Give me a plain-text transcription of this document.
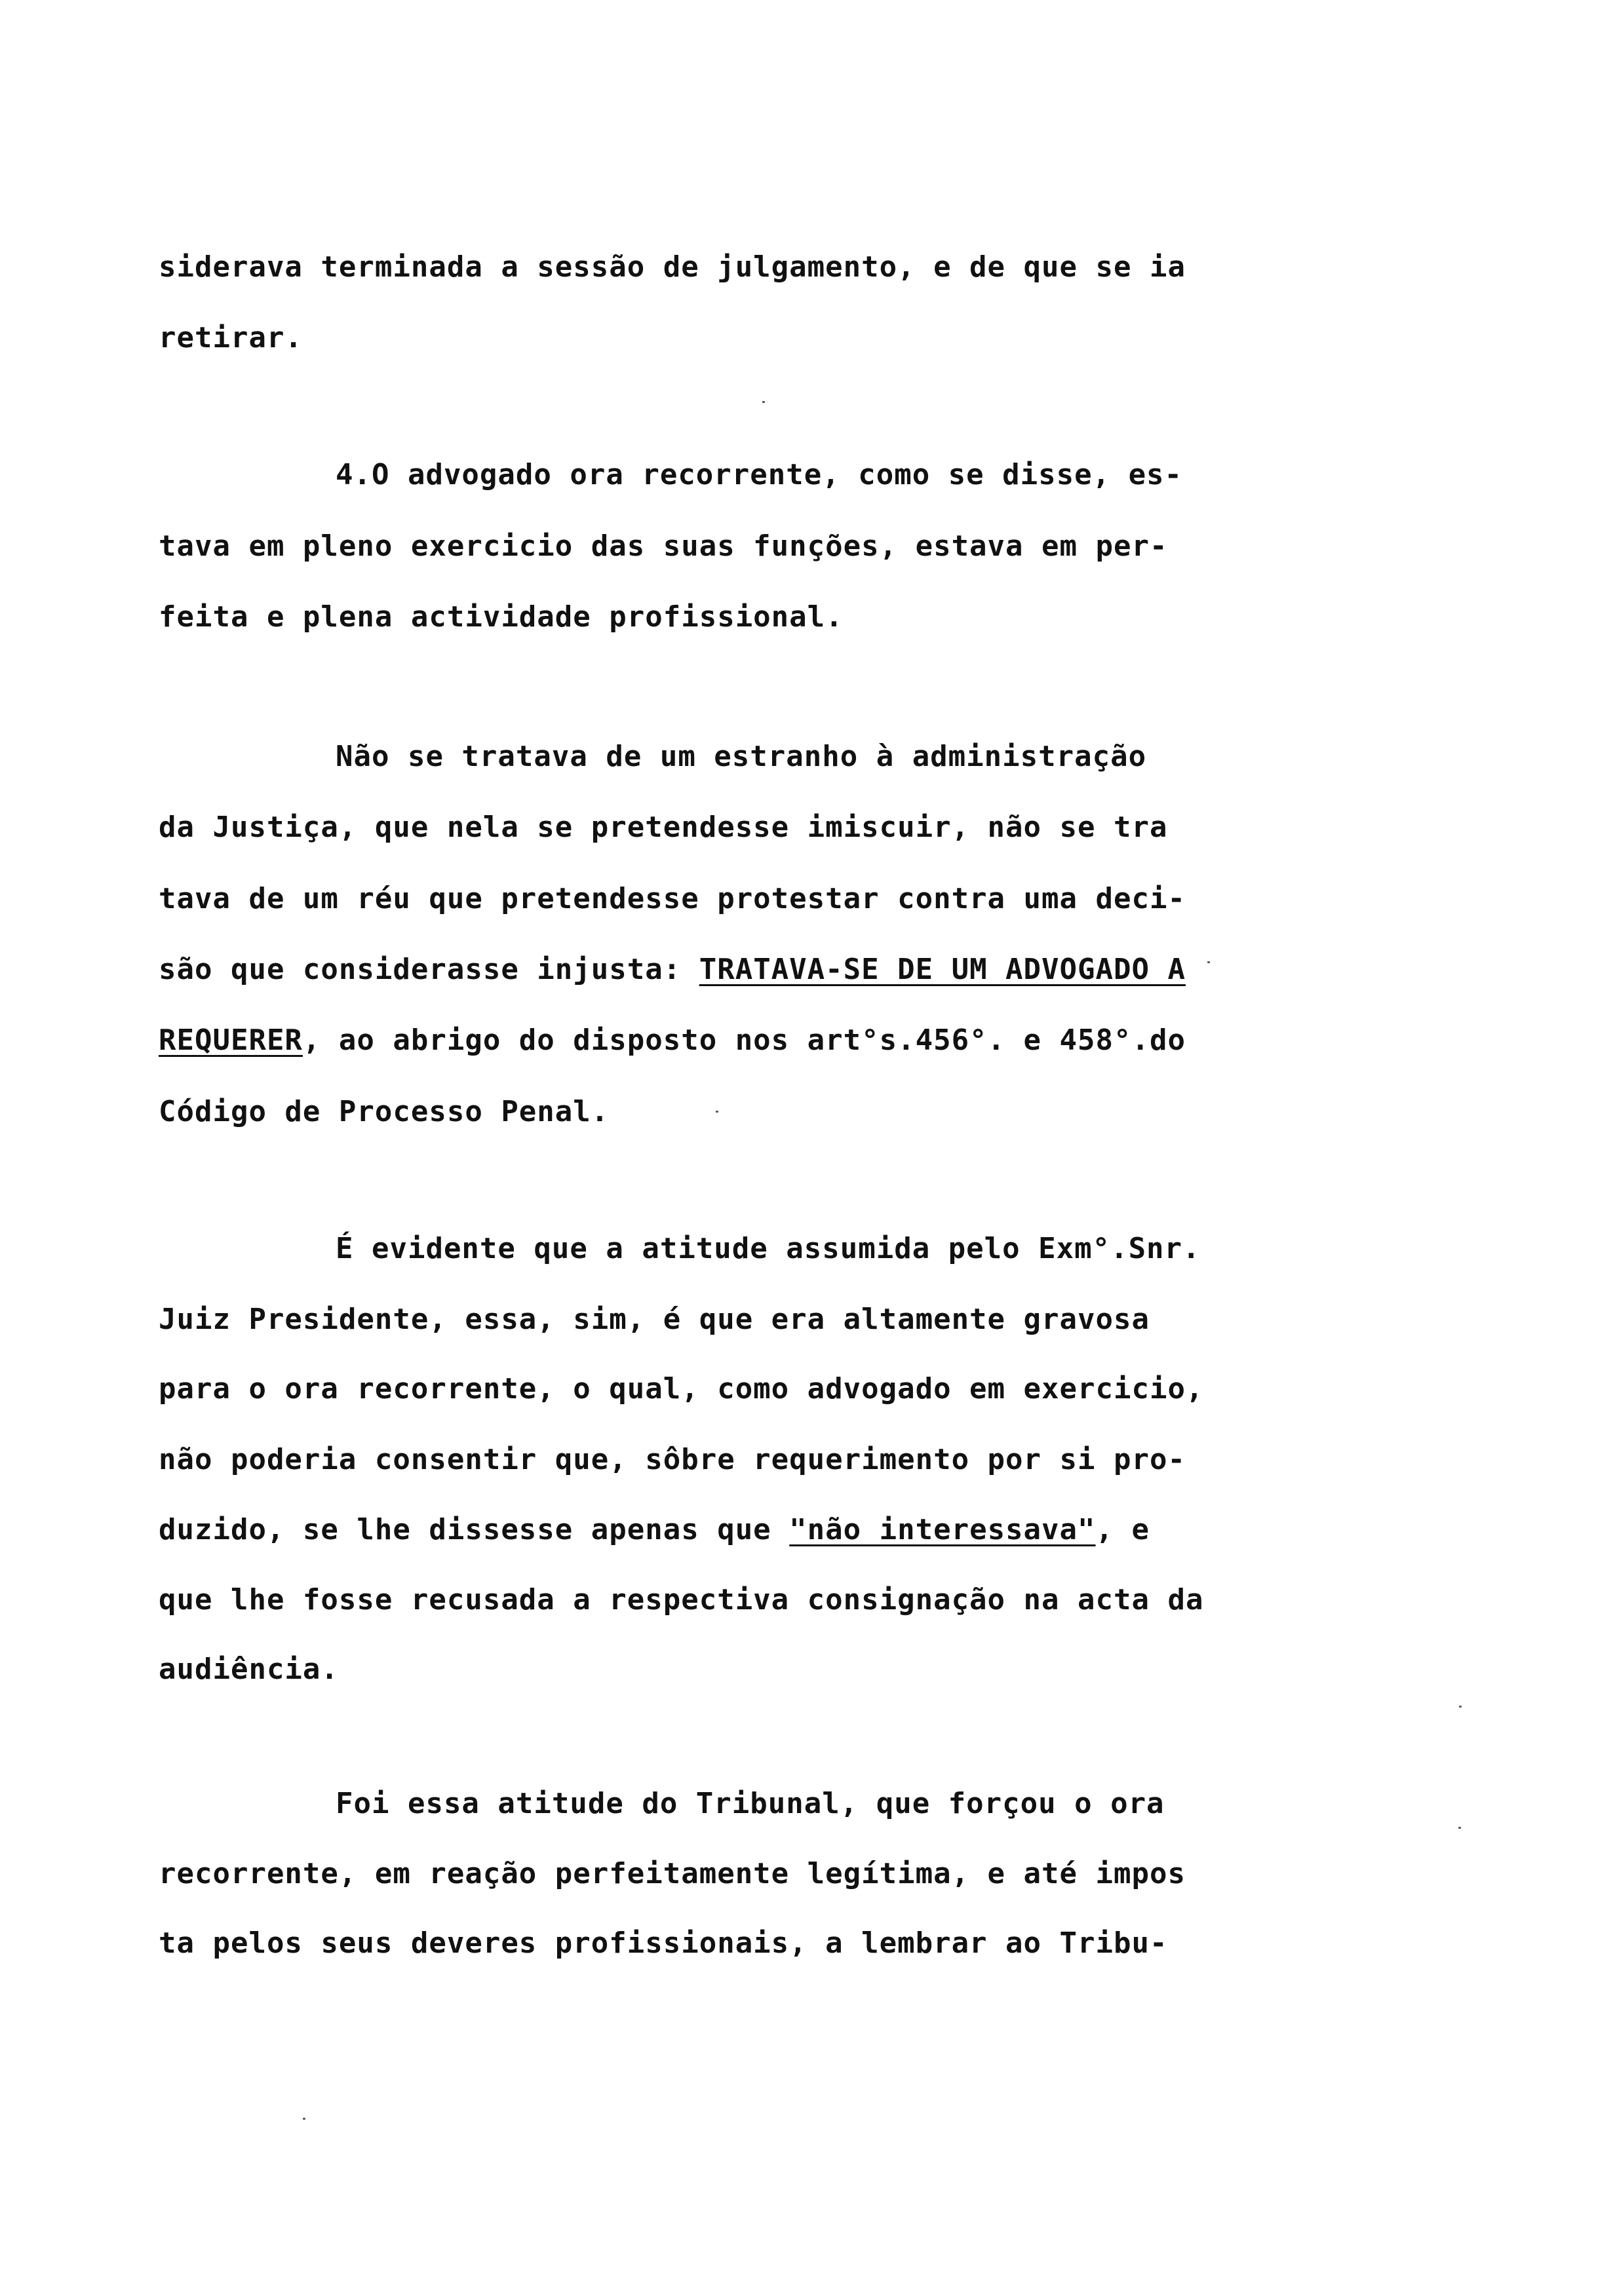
siderava terminada a sessão de julgamento, e de que se ia
retirar.
4.O advogado ora recorrente, como se disse, es-
tava em pleno exercicio das suas funções, estava em per-
feita e plena actividade profissional.
Não se tratava de um estranho à administração
da Justiça, que nela se pretendesse imiscuir, não se tra
tava de um réu que pretendesse protestar contra uma deci-
são que considerasse injusta: TRATAVA-SE DE UM ADVOGADO A
REQUERER, ao abrigo do disposto nos art°s.456°. e 458°.do
Código de Processo Penal.
É evidente que a atitude assumida pelo Exm°.Snr.
Juiz Presidente, essa, sim, é que era altamente gravosa
para o ora recorrente, o qual, como advogado em exercicio,
não poderia consentir que, sôbre requerimento por si pro-
duzido, se lhe dissesse apenas que "não interessava", e
que lhe fosse recusada a respectiva consignação na acta da
audiência.
Foi essa atitude do Tribunal, que forçou o ora
recorrente, em reação perfeitamente legítima, e até impos
ta pelos seus deveres profissionais, a lembrar ao Tribu-
